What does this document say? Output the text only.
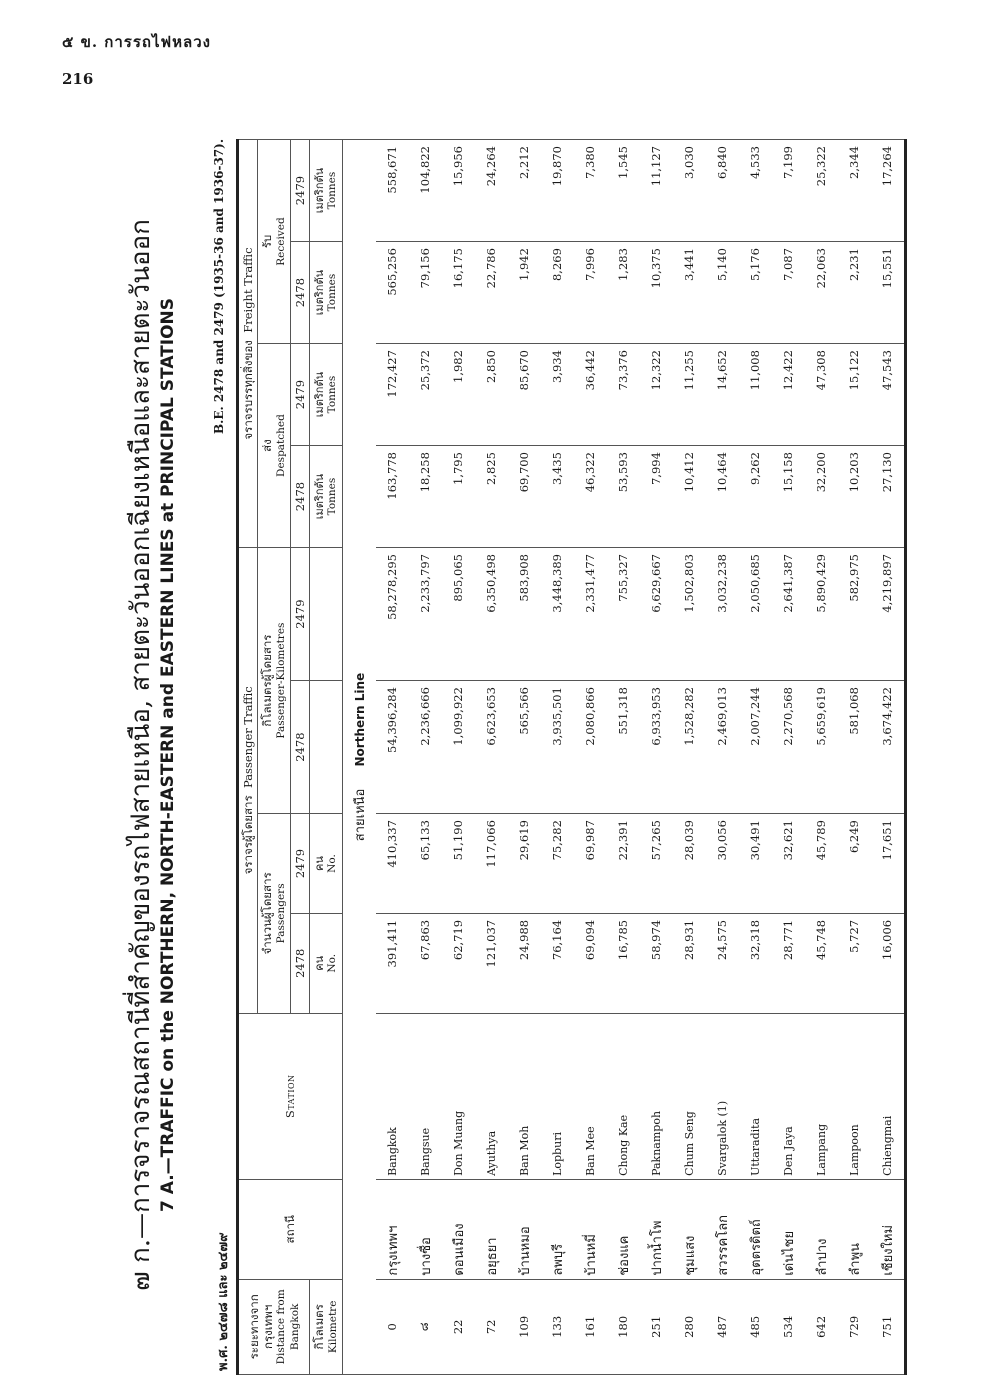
๕ ข. การรถไฟหลวง
216
๗ ก.—การจราจรณสถานีที่สำคัญของรถไฟสายเหนือ, สายตะวันออกเฉียงเหนือและสายตะวันออก 7 A.—TRAFFIC on the NORTHERN, NORTH-EASTERN and EASTERN LINES at PRINCIPAL STATIONS
พ.ศ. ๒๔๗๘ และ ๒๔๗๙
B.E. 2478 and 2479 (1935-36 and 1936-37).
ระยะทางจากกรุงเทพฯ Distance from Bangkok	สถานี	Station	จราจรผู้โดยสาร  Passenger Traffic				จราจรบรรทุกสิ่งของ  Freight Traffic			
			จำนวนผู้โดยสาร Passengers		กิโลเมตรผู้โดยสาร Passenger-Kilometres		ส่ง Despatched		รับ Received	

			2478	2479	2478	2479	2478	2479	2478	2479
กิโลเมตร Kilometre			คน No.	คน No.			เมตริกตัน Tonnes	เมตริกตัน Tonnes	เมตริกตัน Tonnes	เมตริกตัน Tonnes

สายเหนือ Northern Line										
0	กรุงเทพฯ	Bangkok	391,411	410,337	54,396,284	58,278,295	163,778	172,427	565,256	558,671
๘	บางซื่อ	Bangsue	67,863	65,133	2,236,666	2,233,797	18,258	25,372	79,156	104,822
22	ดอนเมือง	Don Muang	62,719	51,190	1,099,922	895,065	1,795	1,982	16,175	15,956
72	อยุธยา	Ayuthya	121,037	117,066	6,623,653	6,350,498	2,825	2,850	22,786	24,264
109	บ้านหมอ	Ban Moh	24,988	29,619	565,566	583,908	69,700	85,670	1,942	2,212
133	ลพบุรี	Lopburi	76,164	75,282	3,935,501	3,448,389	3,435	3,934	8,269	19,870
161	บ้านหมี่	Ban Mee	69,094	69,987	2,080,866	2,331,477	46,322	36,442	7,996	7,380
180	ช่องแค	Chong Kae	16,785	22,391	551,318	755,327	53,593	73,376	1,283	1,545
251	ปากน้ำโพ	Paknampoh	58,974	57,265	6,933,953	6,629,667	7,994	12,322	10,375	11,127
280	ชุมแสง	Chum Seng	28,931	28,039	1,528,282	1,502,803	10,412	11,255	3,441	3,030
487	สวรรคโลก	Svargalok (1)	24,575	30,056	2,469,013	3,032,238	10,464	14,652	5,140	6,840
485	อุตตรดิตถ์	Uttaradita	32,318	30,491	2,007,244	2,050,685	9,262	11,008	5,176	4,533
534	เด่นไชย	Den Jaya	28,771	32,621	2,270,568	2,641,387	15,158	12,422	7,087	7,199
642	ลำปาง	Lampang	45,748	45,789	5,659,619	5,890,429	32,200	47,308	22,063	25,322
729	ลำพูน	Lampoon	5,727	6,249	581,068	582,975	10,203	15,122	2,231	2,344
751	เชียงใหม่	Chiengmai	16,006	17,651	3,674,422	4,219,897	27,130	47,543	15,551	17,264
